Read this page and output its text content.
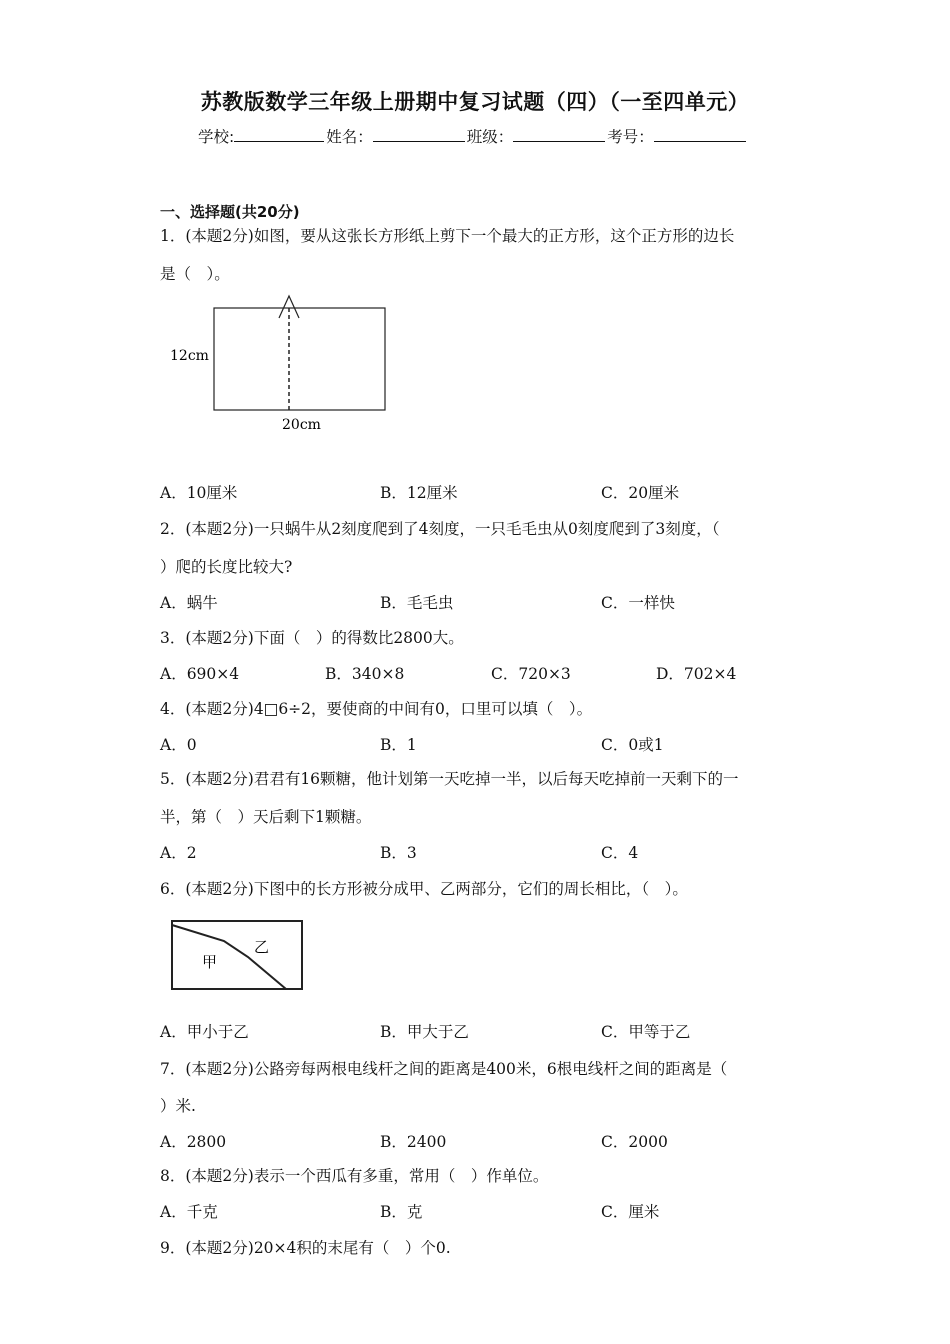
苏教版数学三年级上册期中复习试题（四）（一至四单元）
学校:	姓名：	班级：	考号：
一、选择题(共20分)
1．(本题2分)如图，要从这张长方形纸上剪下一个最大的正方形，这个正方形的边长
是（　）。
12cm
20cm
A．10厘米	B．12厘米	C．20厘米
2．(本题2分)一只蜗牛从2刻度爬到了4刻度，一只毛毛虫从0刻度爬到了3刻度，（
）爬的长度比较大?
A．蜗牛	B．毛毛虫	C．一样快
3．(本题2分)下面（　）的得数比2800大。
A．690×4	B．340×8	C．720×3	D．702×4
4．(本题2分)4□6÷2，要使商的中间有0，口里可以填（　）。
A．0	B．1	C．0或1
5．(本题2分)君君有16颗糖，他计划第一天吃掉一半，以后每天吃掉前一天剩下的一
半，第（　）天后剩下1颗糖。
A．2	B．3	C．4
6．(本题2分)下图中的长方形被分成甲、乙两部分，它们的周长相比，（　）。
甲
乙
A．甲小于乙	B．甲大于乙	C．甲等于乙
7．(本题2分)公路旁每两根电线杆之间的距离是400米，6根电线杆之间的距离是（
）米.
A．2800	B．2400	C．2000
8．(本题2分)表示一个西瓜有多重，常用（　）作单位。
A．千克	B．克	C．厘米
9．(本题2分)20×4积的末尾有（　）个0.
